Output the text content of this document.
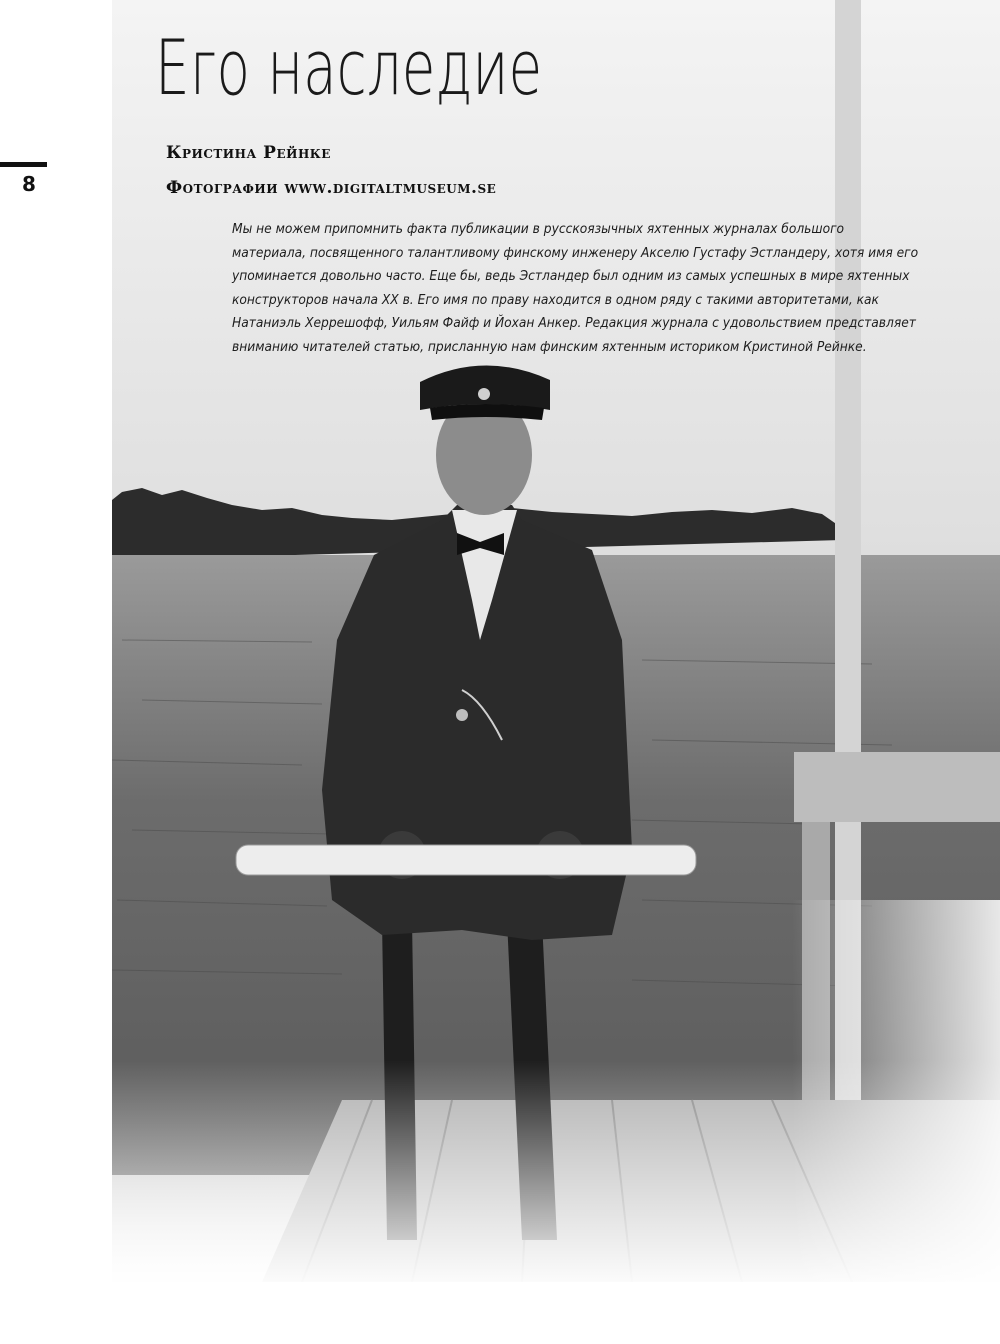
8
Его наследие

Кристина Рейнке

Фотографии www.digitaltmuseum.se

Мы не можем припомнить факта публикации в русскоязычных яхтенных журналах большого материала, посвященного талантливому финскому инженеру Акселю Густафу Эстландеру, хотя имя его упоминается довольно часто. Еще бы, ведь Эстландер был одним из самых успешных в мире яхтенных конструкторов начала XX в. Его имя по праву находится в одном ряду с такими авторитетами, как Натаниэль Херрешофф, Уильям Файф и Йохан Анкер. Редакция журнала с удовольствием представляет вниманию читателей статью, присланную нам финским яхтенным историком Кристиной Рейнке.
